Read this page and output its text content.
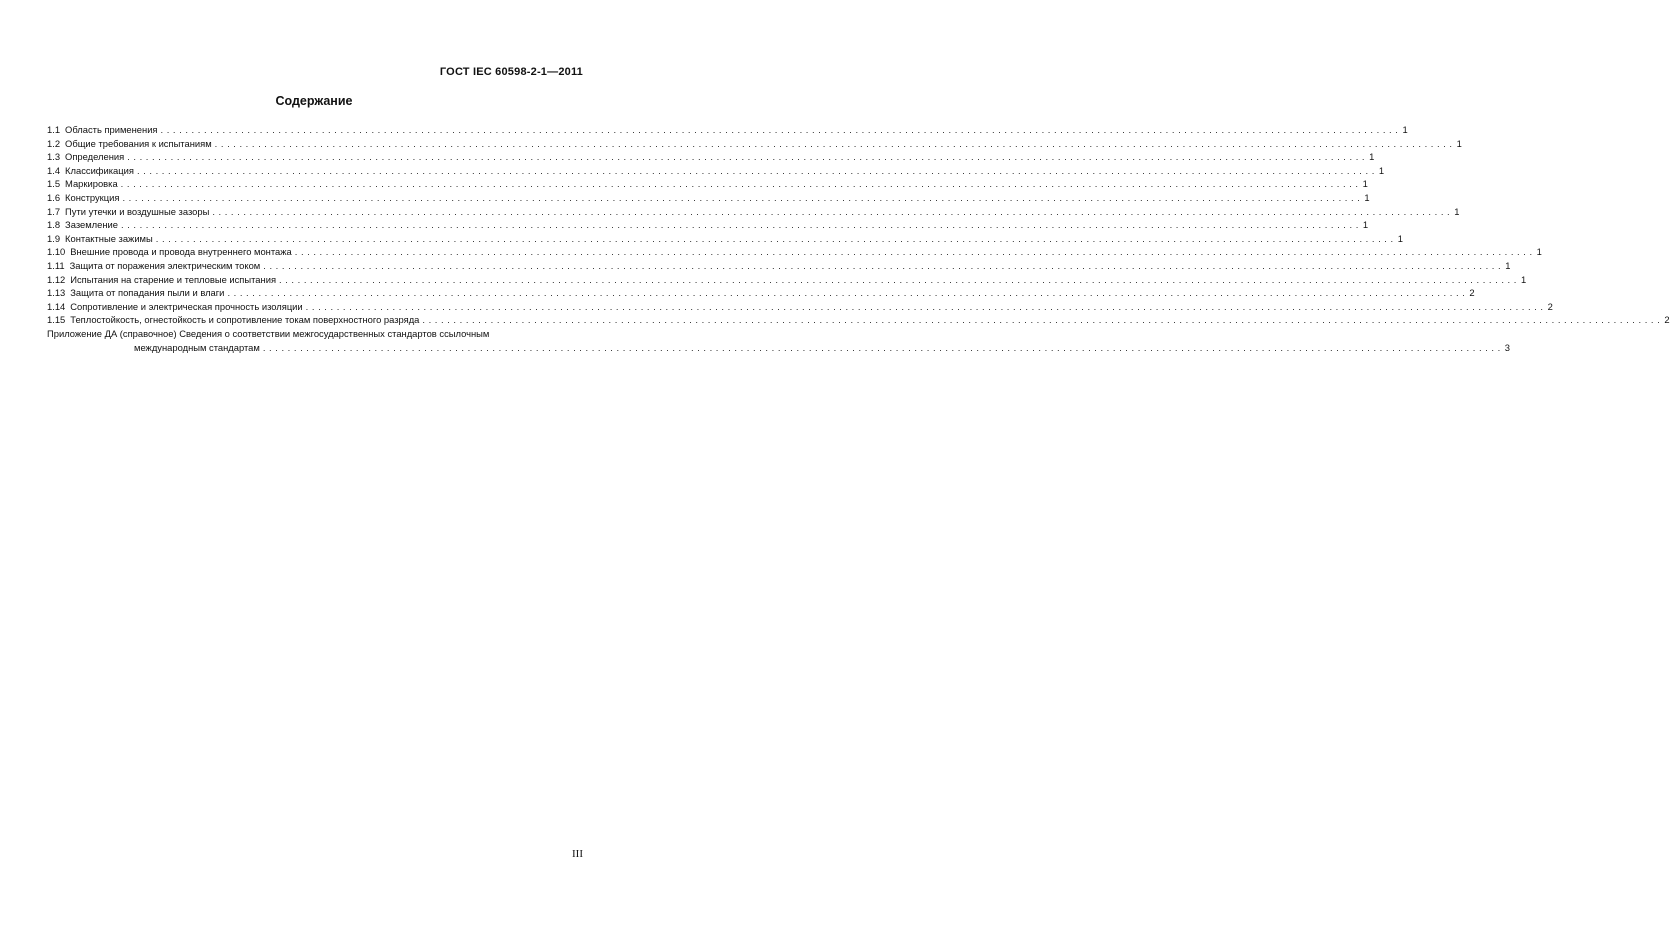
ГОСТ IEC 60598-2-1—2011
Содержание
1.1 Область применения ........................................................................................................................................................................................................ 1
1.2 Общие требования к испытаниям ........................................................................................................................................................................................................ 1
1.3 Определения ........................................................................................................................................................................................................ 1
1.4 Классификация ........................................................................................................................................................................................................ 1
1.5 Маркировка ........................................................................................................................................................................................................ 1
1.6 Конструкция ........................................................................................................................................................................................................ 1
1.7 Пути утечки и воздушные зазоры ........................................................................................................................................................................................................ 1
1.8 Заземление ........................................................................................................................................................................................................ 1
1.9 Контактные зажимы ........................................................................................................................................................................................................ 1
1.10 Внешние провода и провода внутреннего монтажа ........................................................................................................................................................................................................ 1
1.11 Защита от поражения электрическим током ........................................................................................................................................................................................................ 1
1.12 Испытания на старение и тепловые испытания ........................................................................................................................................................................................................ 1
1.13 Защита от попадания пыли и влаги ........................................................................................................................................................................................................ 2
1.14 Сопротивление и электрическая прочность изоляции ........................................................................................................................................................................................................ 2
1.15 Теплостойкость, огнестойкость и сопротивление токам поверхностного разряда ........................................................................................................................................................................................................ 2
Приложение ДА (справочное) Сведения о соответствии межгосударственных стандартов ссылочным
международным стандартам ........................................................................................................................................................................................................ 3
III
